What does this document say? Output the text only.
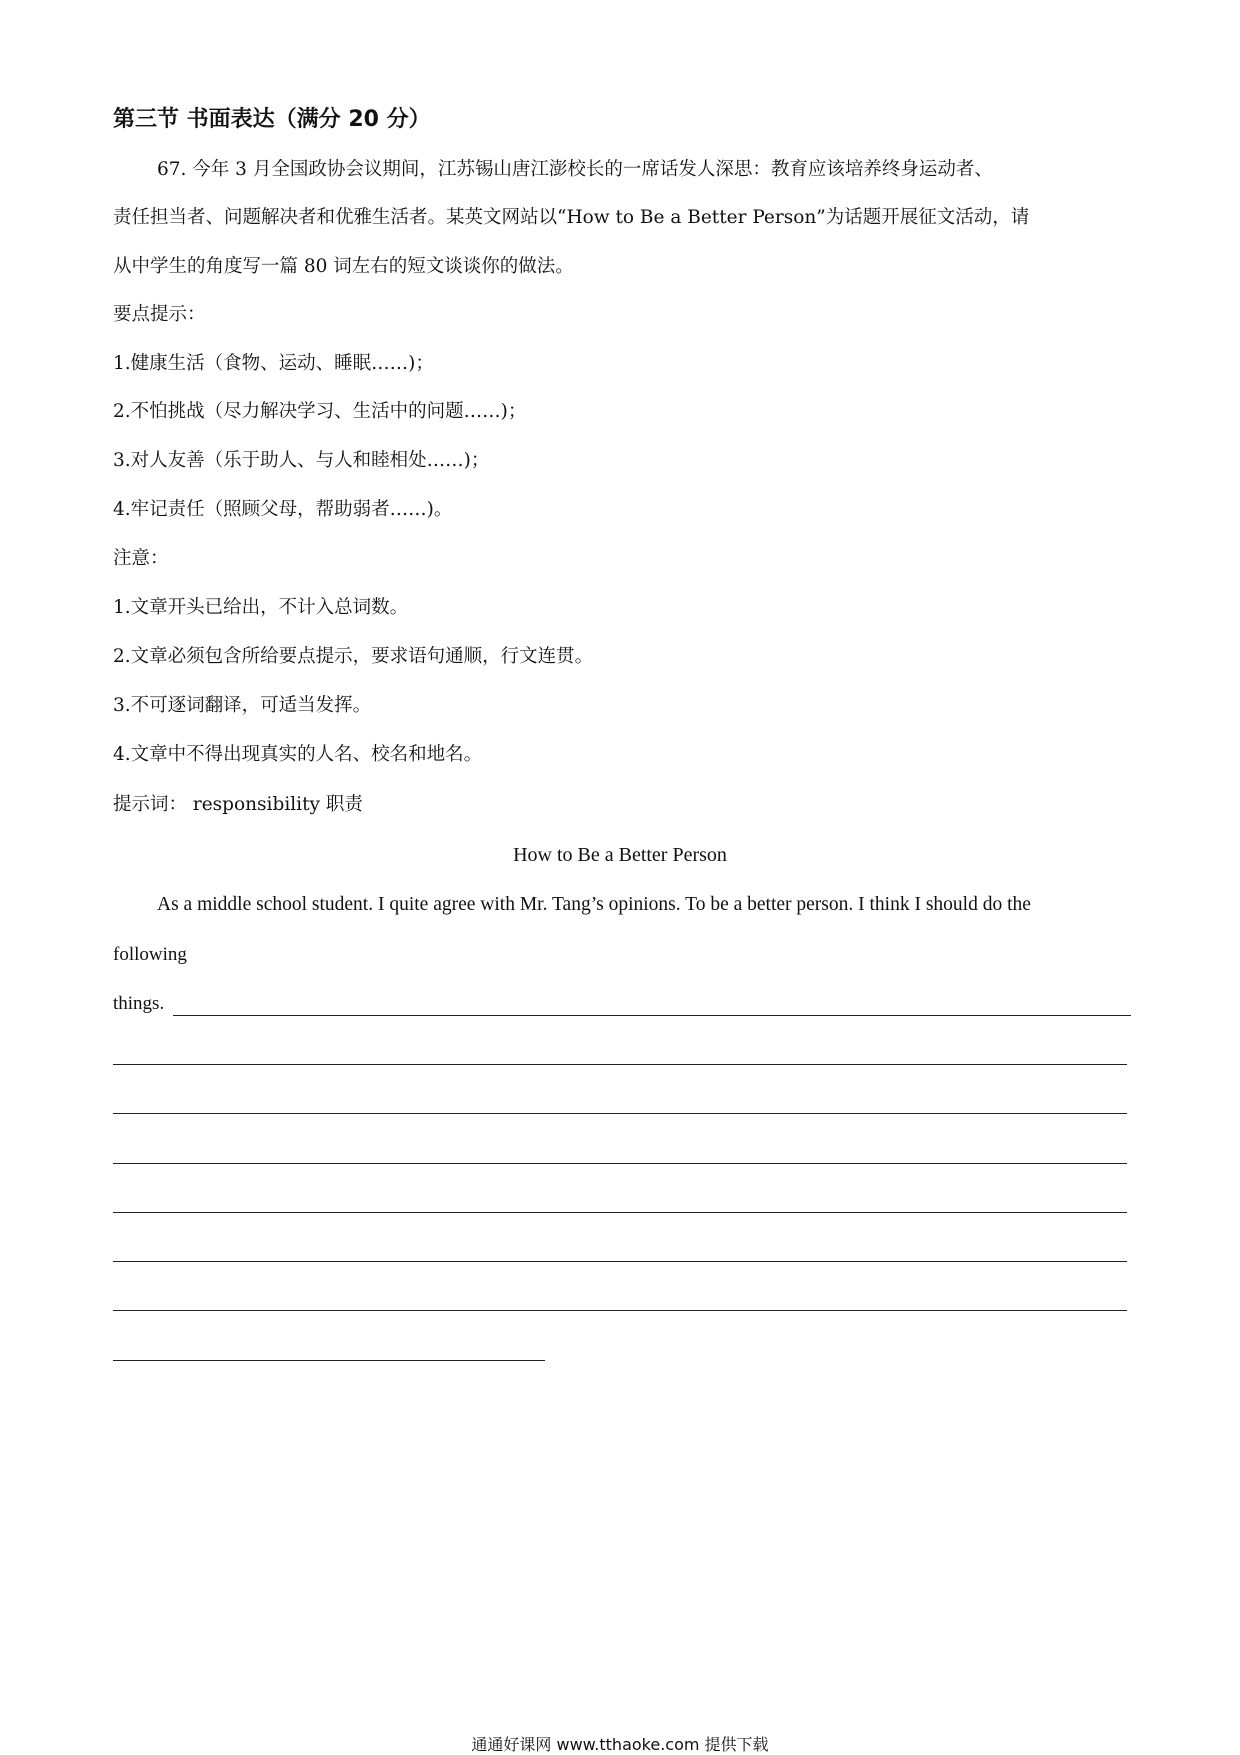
第三节 书面表达（满分 20 分）
67. 今年 3 月全国政协会议期间，江苏锡山唐江澎校长的一席话发人深思：教育应该培养终身运动者、
责任担当者、问题解决者和优雅生活者。某英文网站以“How to Be a Better Person”为话题开展征文活动，请
从中学生的角度写一篇 80 词左右的短文谈谈你的做法。
要点提示：
1.健康生活（食物、运动、睡眠……)；
2.不怕挑战（尽力解决学习、生活中的问题……)；
3.对人友善（乐于助人、与人和睦相处……)；
4.牢记责任（照顾父母，帮助弱者……)。
注意：
1.文章开头已给出，不计入总词数。
2.文章必须包含所给要点提示，要求语句通顺，行文连贯。
3.不可逐词翻译，可适当发挥。
4.文章中不得出现真实的人名、校名和地名。
提示词： responsibility 职责
How to Be a Better Person
As a middle school student. I quite agree with Mr. Tang’s opinions. To be a better person. I think I should do the
following
things.
通通好课网 www.tthaoke.com 提供下载
